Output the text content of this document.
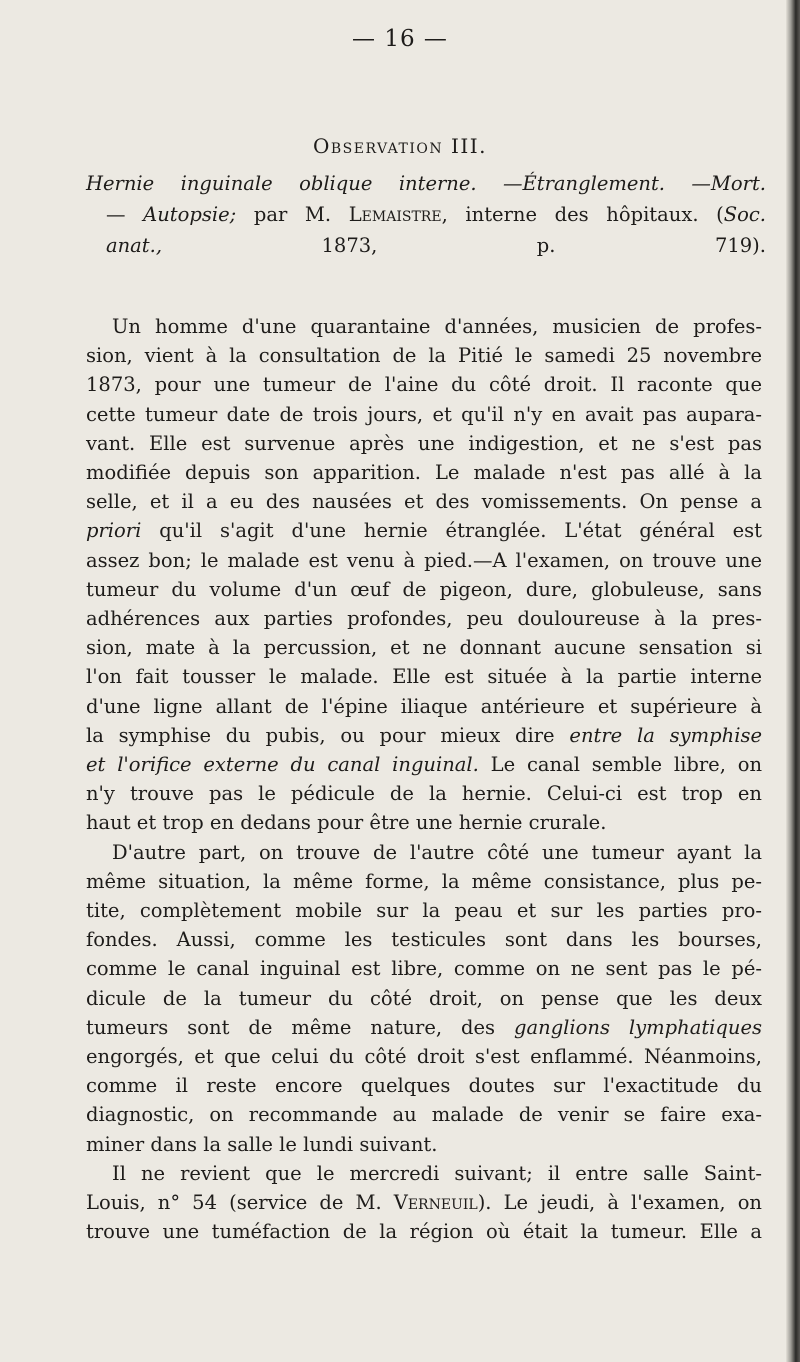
— 16 —
Observation III.
Hernie inguinale oblique interne. —Étranglement. —Mort.
— Autopsie; par M. Lemaistre, interne des hôpitaux. (Soc.
anat., 1873, p. 719).
Un homme d'une quarantaine d'années, musicien de profes-
sion, vient à la consultation de la Pitié le samedi 25 novembre
1873, pour une tumeur de l'aine du côté droit. Il raconte que
cette tumeur date de trois jours, et qu'il n'y en avait pas aupara-
vant. Elle est survenue après une indigestion, et ne s'est pas
modifiée depuis son apparition. Le malade n'est pas allé à la
selle, et il a eu des nausées et des vomissements. On pense a
priori qu'il s'agit d'une hernie étranglée. L'état général est
assez bon; le malade est venu à pied.—A l'examen, on trouve une
tumeur du volume d'un œuf de pigeon, dure, globuleuse, sans
adhérences aux parties profondes, peu douloureuse à la pres-
sion, mate à la percussion, et ne donnant aucune sensation si
l'on fait tousser le malade. Elle est située à la partie interne
d'une ligne allant de l'épine iliaque antérieure et supérieure à
la symphise du pubis, ou pour mieux dire entre la symphise
et l'orifice externe du canal inguinal. Le canal semble libre, on
n'y trouve pas le pédicule de la hernie. Celui-ci est trop en
haut et trop en dedans pour être une hernie crurale.
D'autre part, on trouve de l'autre côté une tumeur ayant la
même situation, la même forme, la même consistance, plus pe-
tite, complètement mobile sur la peau et sur les parties pro-
fondes. Aussi, comme les testicules sont dans les bourses,
comme le canal inguinal est libre, comme on ne sent pas le pé-
dicule de la tumeur du côté droit, on pense que les deux
tumeurs sont de même nature, des ganglions lymphatiques
engorgés, et que celui du côté droit s'est enflammé. Néanmoins,
comme il reste encore quelques doutes sur l'exactitude du
diagnostic, on recommande au malade de venir se faire exa-
miner dans la salle le lundi suivant.
Il ne revient que le mercredi suivant; il entre salle Saint-
Louis, n° 54 (service de M. Verneuil). Le jeudi, à l'examen, on
trouve une tuméfaction de la région où était la tumeur. Elle a
